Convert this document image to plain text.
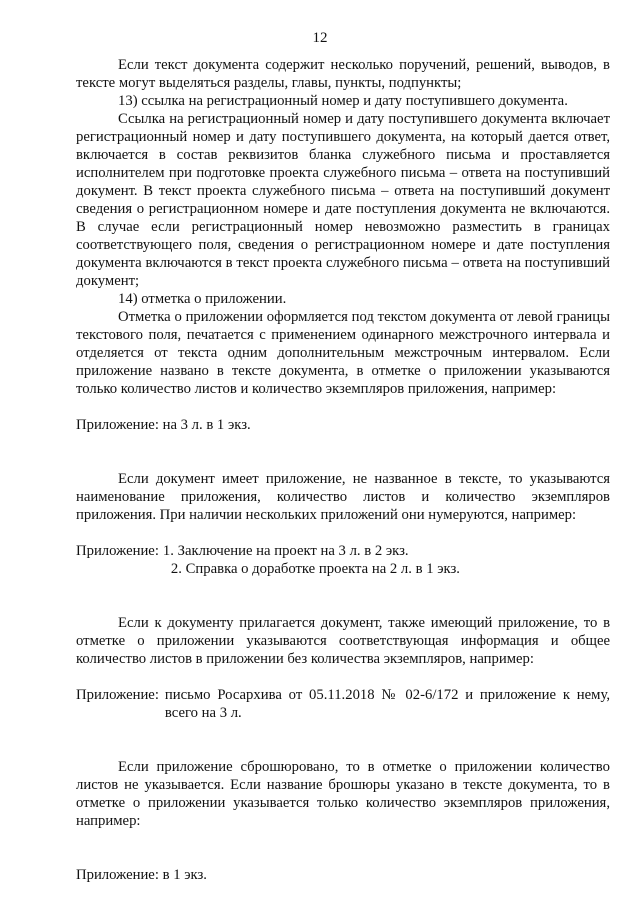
12

Если текст документа содержит несколько поручений, решений, выводов, в тексте могут выделяться разделы, главы, пункты, подпункты;

13) ссылка на регистрационный номер и дату поступившего документа.

Ссылка на регистрационный номер и дату поступившего документа включает регистрационный номер и дату поступившего документа, на который дается ответ, включается в состав реквизитов бланка служебного письма и проставляется исполнителем при подготовке проекта служебного письма – ответа на поступивший документ. В текст проекта служебного письма – ответа на поступивший документ сведения о регистрационном номере и дате поступления документа не включаются. В случае если регистрационный номер невозможно разместить в границах соответствующего поля, сведения о регистрационном номере и дате поступления документа включаются в текст проекта служебного письма – ответа на поступивший документ;

14) отметка о приложении.

Отметка о приложении оформляется под текстом документа от левой границы текстового поля, печатается с применением одинарного межстрочного интервала и отделяется от текста одним дополнительным межстрочным интервалом. Если приложение названо в тексте документа, в отметке о приложении указываются только количество листов и количество экземпляров приложения, например:

Приложение: на 3 л. в 1 экз.

Если документ имеет приложение, не названное в тексте, то указываются наименование приложения, количество листов и количество экземпляров приложения. При наличии нескольких приложений они нумеруются, например:

Приложение: 1. Заключение на проект на 3 л. в 2 экз.
2. Справка о доработке проекта на 2 л. в 1 экз.

Если к документу прилагается документ, также имеющий приложение, то в отметке о приложении указываются соответствующая информация и общее количество листов в приложении без количества экземпляров, например:

Приложение: письмо Росархива от 05.11.2018 № 02-6/172 и приложение к нему, всего на 3 л.

Если приложение сброшюровано, то в отметке о приложении количество листов не указывается. Если название брошюры указано в тексте документа, то в отметке о приложении указывается только количество экземпляров приложения, например:

Приложение: в 1 экз.
